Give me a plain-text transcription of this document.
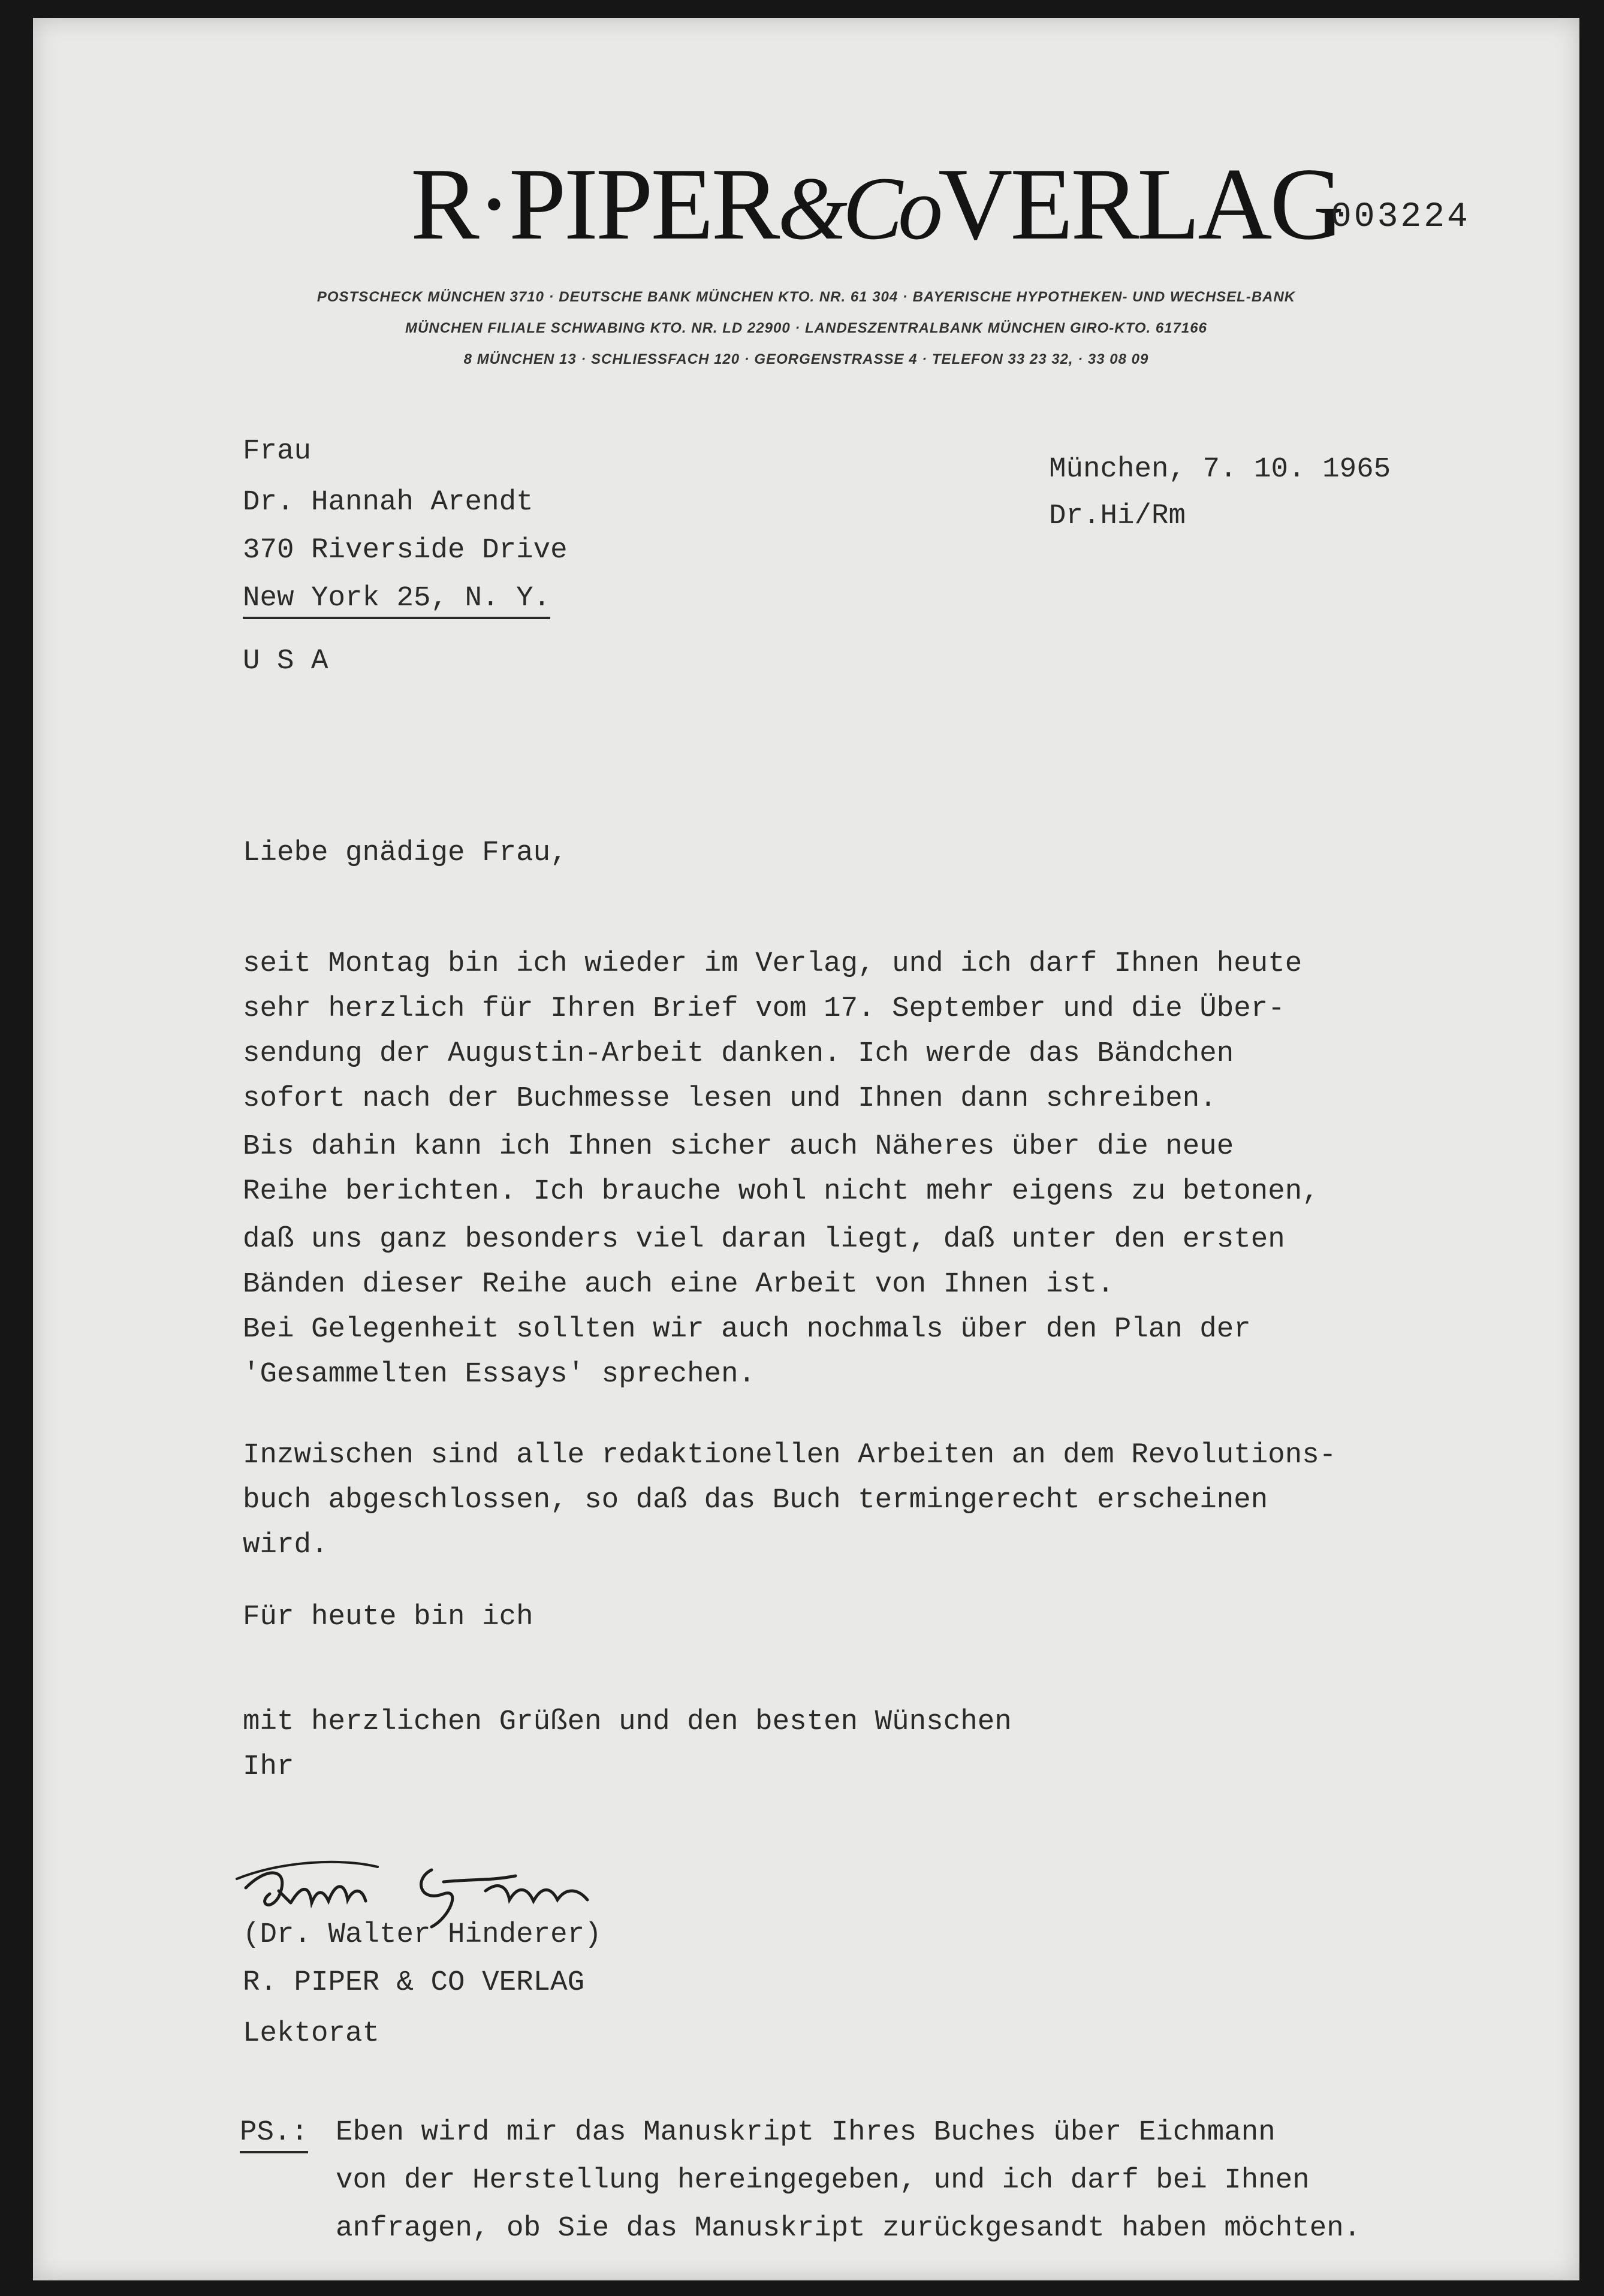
R·PIPER&CoVERLAG
003224
POSTSCHECK MÜNCHEN 3710 · DEUTSCHE BANK MÜNCHEN KTO. NR. 61 304 · BAYERISCHE HYPOTHEKEN- UND WECHSEL-BANK
MÜNCHEN FILIALE SCHWABING KTO. NR. LD 22900 · LANDESZENTRALBANK MÜNCHEN GIRO-KTO. 617166
8 MÜNCHEN 13 · SCHLIESSFACH 120 · GEORGENSTRASSE 4 · TELEFON 33 23 32, · 33 08 09
Frau
Dr. Hannah Arendt
370 Riverside Drive
New York 25, N. Y.
U S A
München, 7. 10. 1965
Dr.Hi/Rm
Liebe gnädige Frau,
seit Montag bin ich wieder im Verlag, und ich darf Ihnen heute
sehr herzlich für Ihren Brief vom 17. September und die Über-
sendung der Augustin-Arbeit danken. Ich werde das Bändchen
sofort nach der Buchmesse lesen und Ihnen dann schreiben.
Bis dahin kann ich Ihnen sicher auch Näheres über die neue
Reihe berichten. Ich brauche wohl nicht mehr eigens zu betonen,
daß uns ganz besonders viel daran liegt, daß unter den ersten
Bänden dieser Reihe auch eine Arbeit von Ihnen ist.
Bei Gelegenheit sollten wir auch nochmals über den Plan der
'Gesammelten Essays' sprechen.
Inzwischen sind alle redaktionellen Arbeiten an dem Revolutions-
buch abgeschlossen, so daß das Buch termingerecht erscheinen
wird.
Für heute bin ich
mit herzlichen Grüßen und den besten Wünschen
Ihr
(Dr. Walter Hinderer)
R. PIPER & CO VERLAG
Lektorat
PS.: Eben wird mir das Manuskript Ihres Buches über Eichmann
von der Herstellung hereingegeben, und ich darf bei Ihnen
anfragen, ob Sie das Manuskript zurückgesandt haben möchten.
